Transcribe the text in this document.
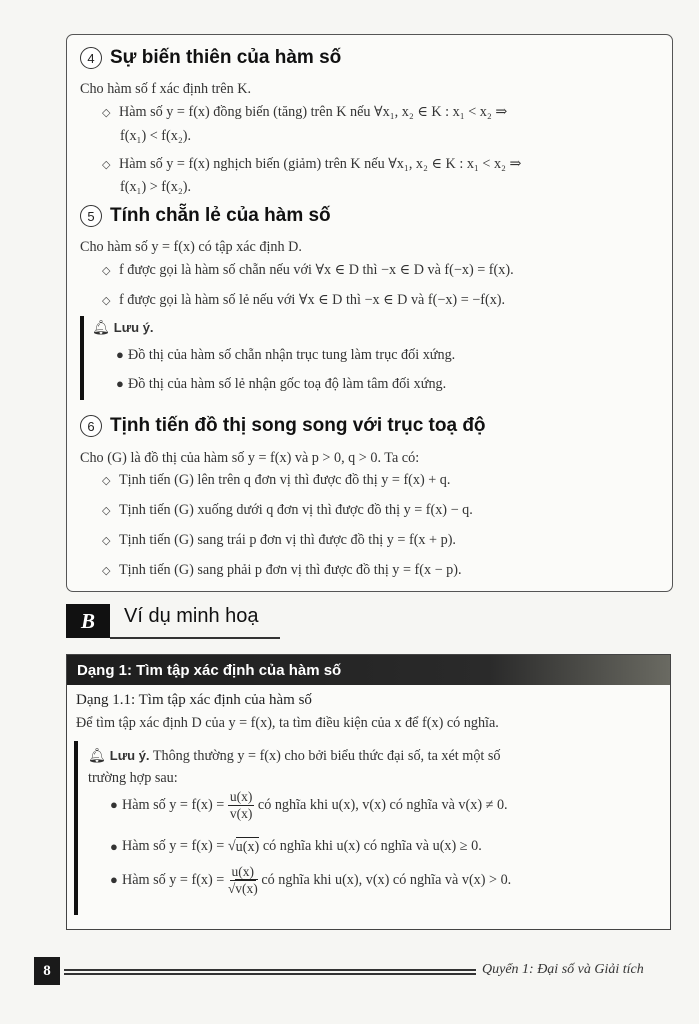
4 Sự biến thiên của hàm số
Cho hàm số f xác định trên K.
◇ Hàm số y = f(x) đồng biến (tăng) trên K nếu ∀x₁, x₂ ∈ K : x₁ < x₂ ⇒
f(x₁) < f(x₂).
◇ Hàm số y = f(x) nghịch biến (giảm) trên K nếu ∀x₁, x₂ ∈ K : x₁ < x₂ ⇒
f(x₁) > f(x₂).
5 Tính chẵn lẻ của hàm số
Cho hàm số y = f(x) có tập xác định D.
◇ f được gọi là hàm số chẵn nếu với ∀x ∈ D thì −x ∈ D và f(−x) = f(x).
◇ f được gọi là hàm số lẻ nếu với ∀x ∈ D thì −x ∈ D và f(−x) = −f(x).
🔔︎ Lưu ý.
● Đồ thị của hàm số chẵn nhận trục tung làm trục đối xứng.
● Đồ thị của hàm số lẻ nhận gốc toạ độ làm tâm đối xứng.
6 Tịnh tiến đồ thị song song với trục toạ độ
Cho (G) là đồ thị của hàm số y = f(x) và p > 0, q > 0. Ta có:
◇ Tịnh tiến (G) lên trên q đơn vị thì được đồ thị y = f(x) + q.
◇ Tịnh tiến (G) xuống dưới q đơn vị thì được đồ thị y = f(x) − q.
◇ Tịnh tiến (G) sang trái p đơn vị thì được đồ thị y = f(x + p).
◇ Tịnh tiến (G) sang phải p đơn vị thì được đồ thị y = f(x − p).
B	Ví dụ minh hoạ
Dạng 1: Tìm tập xác định của hàm số
Dạng 1.1: Tìm tập xác định của hàm số
Để tìm tập xác định D của y = f(x), ta tìm điều kiện của x để f(x) có nghĩa.
🔔︎ Lưu ý. Thông thường y = f(x) cho bởi biểu thức đại số, ta xét một số
trường hợp sau:
● Hàm số y = f(x) =
$\frac{u(x)}{v(x)}$
có nghĩa khi u(x), v(x) có nghĩa và v(x) ≠ 0.
● Hàm số y = f(x) = √ u(x)
có nghĩa khi u(x) có nghĩa và u(x) ≥ 0.
● Hàm số y = f(x) =
$\frac{u(x)}{√v(x)}$
có nghĩa khi u(x), v(x) có nghĩa và v(x) > 0.
8	Quyển 1: Đại số và Giải tích
